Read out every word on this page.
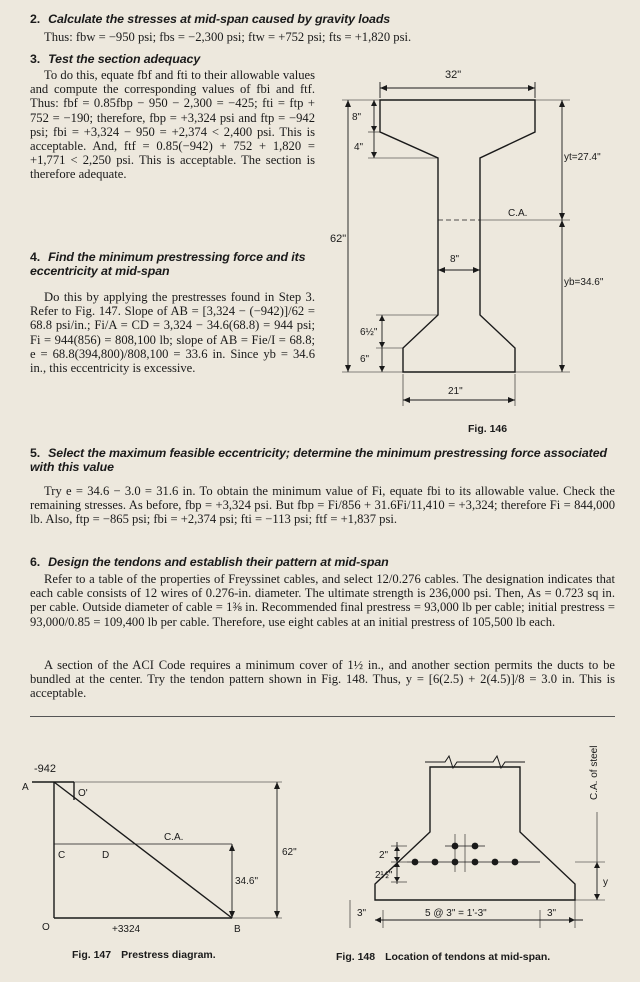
2. Calculate the stresses at mid-span caused by gravity loads
Thus: fbw = −950 psi; fbs = −2,300 psi; ftw = +752 psi; fts = +1,820 psi.
3. Test the section adequacy
To do this, equate fbf and fti to their allowable values and compute the corresponding values of fbi and ftf. Thus: fbf = 0.85fbp − 950 − 2,300 = −425; fti = ftp + 752 = −190; therefore, fbp = +3,324 psi and ftp = −942 psi; fbi = +3,324 − 950 = +2,374 < 2,400 psi. This is acceptable. And, ftf = 0.85(−942) + 752 + 1,820 = +1,771 < 2,250 psi. This is acceptable. The section is therefore adequate.
4. Find the minimum prestressing force and its eccentricity at mid-span
Do this by applying the prestresses found in Step 3. Refer to Fig. 147. Slope of AB = [3,324 − (−942)]/62 = 68.8 psi/in.; Fi/A = CD = 3,324 − 34.6(68.8) = 944 psi; Fi = 944(856) = 808,100 lb; slope of AB = Fie/I = 68.8; e = 68.8(394,800)/808,100 = 33.6 in. Since yb = 34.6 in., this eccentricity is excessive.
32"
8"
4"
62"
yt=27.4"
C.A.
8"
yb=34.6"
6½"
6"
21"
Fig. 146
5. Select the maximum feasible eccentricity; determine the minimum prestressing force associated with this value
Try e = 34.6 − 3.0 = 31.6 in. To obtain the minimum value of Fi, equate fbi to its allowable value. Check the remaining stresses. As before, fbp = +3,324 psi. But fbp = Fi/856 + 31.6Fi/11,410 = +3,324; therefore Fi = 844,000 lb. Also, ftp = −865 psi; fbi = +2,374 psi; fti = −113 psi; ftf = +1,837 psi.
6. Design the tendons and establish their pattern at mid-span
Refer to a table of the properties of Freyssinet cables, and select 12/0.276 cables. The designation indicates that each cable consists of 12 wires of 0.276-in. diameter. The ultimate strength is 236,000 psi. Then, As = 0.723 sq in. per cable. Outside diameter of cable = 1⅜ in. Recommended final prestress = 93,000 lb per cable; initial prestress = 93,000/0.85 = 109,400 lb per cable. Therefore, use eight cables at an initial prestress of 105,500 lb each.
A section of the ACI Code requires a minimum cover of 1½ in., and another section permits the ducts to be bundled at the center. Try the tendon pattern shown in Fig. 148. Thus, y = [6(2.5) + 2(4.5)]/8 = 3.0 in. This is acceptable.
-942
A
O'
C	D
C.A.
62"
34.6"
O	+3324	B
Fig. 147 Prestress diagram.
C.A. of steel
2"
2½"
y
3"	5 @ 3" = 1'-3"	3"
Fig. 148 Location of tendons at mid-span.
